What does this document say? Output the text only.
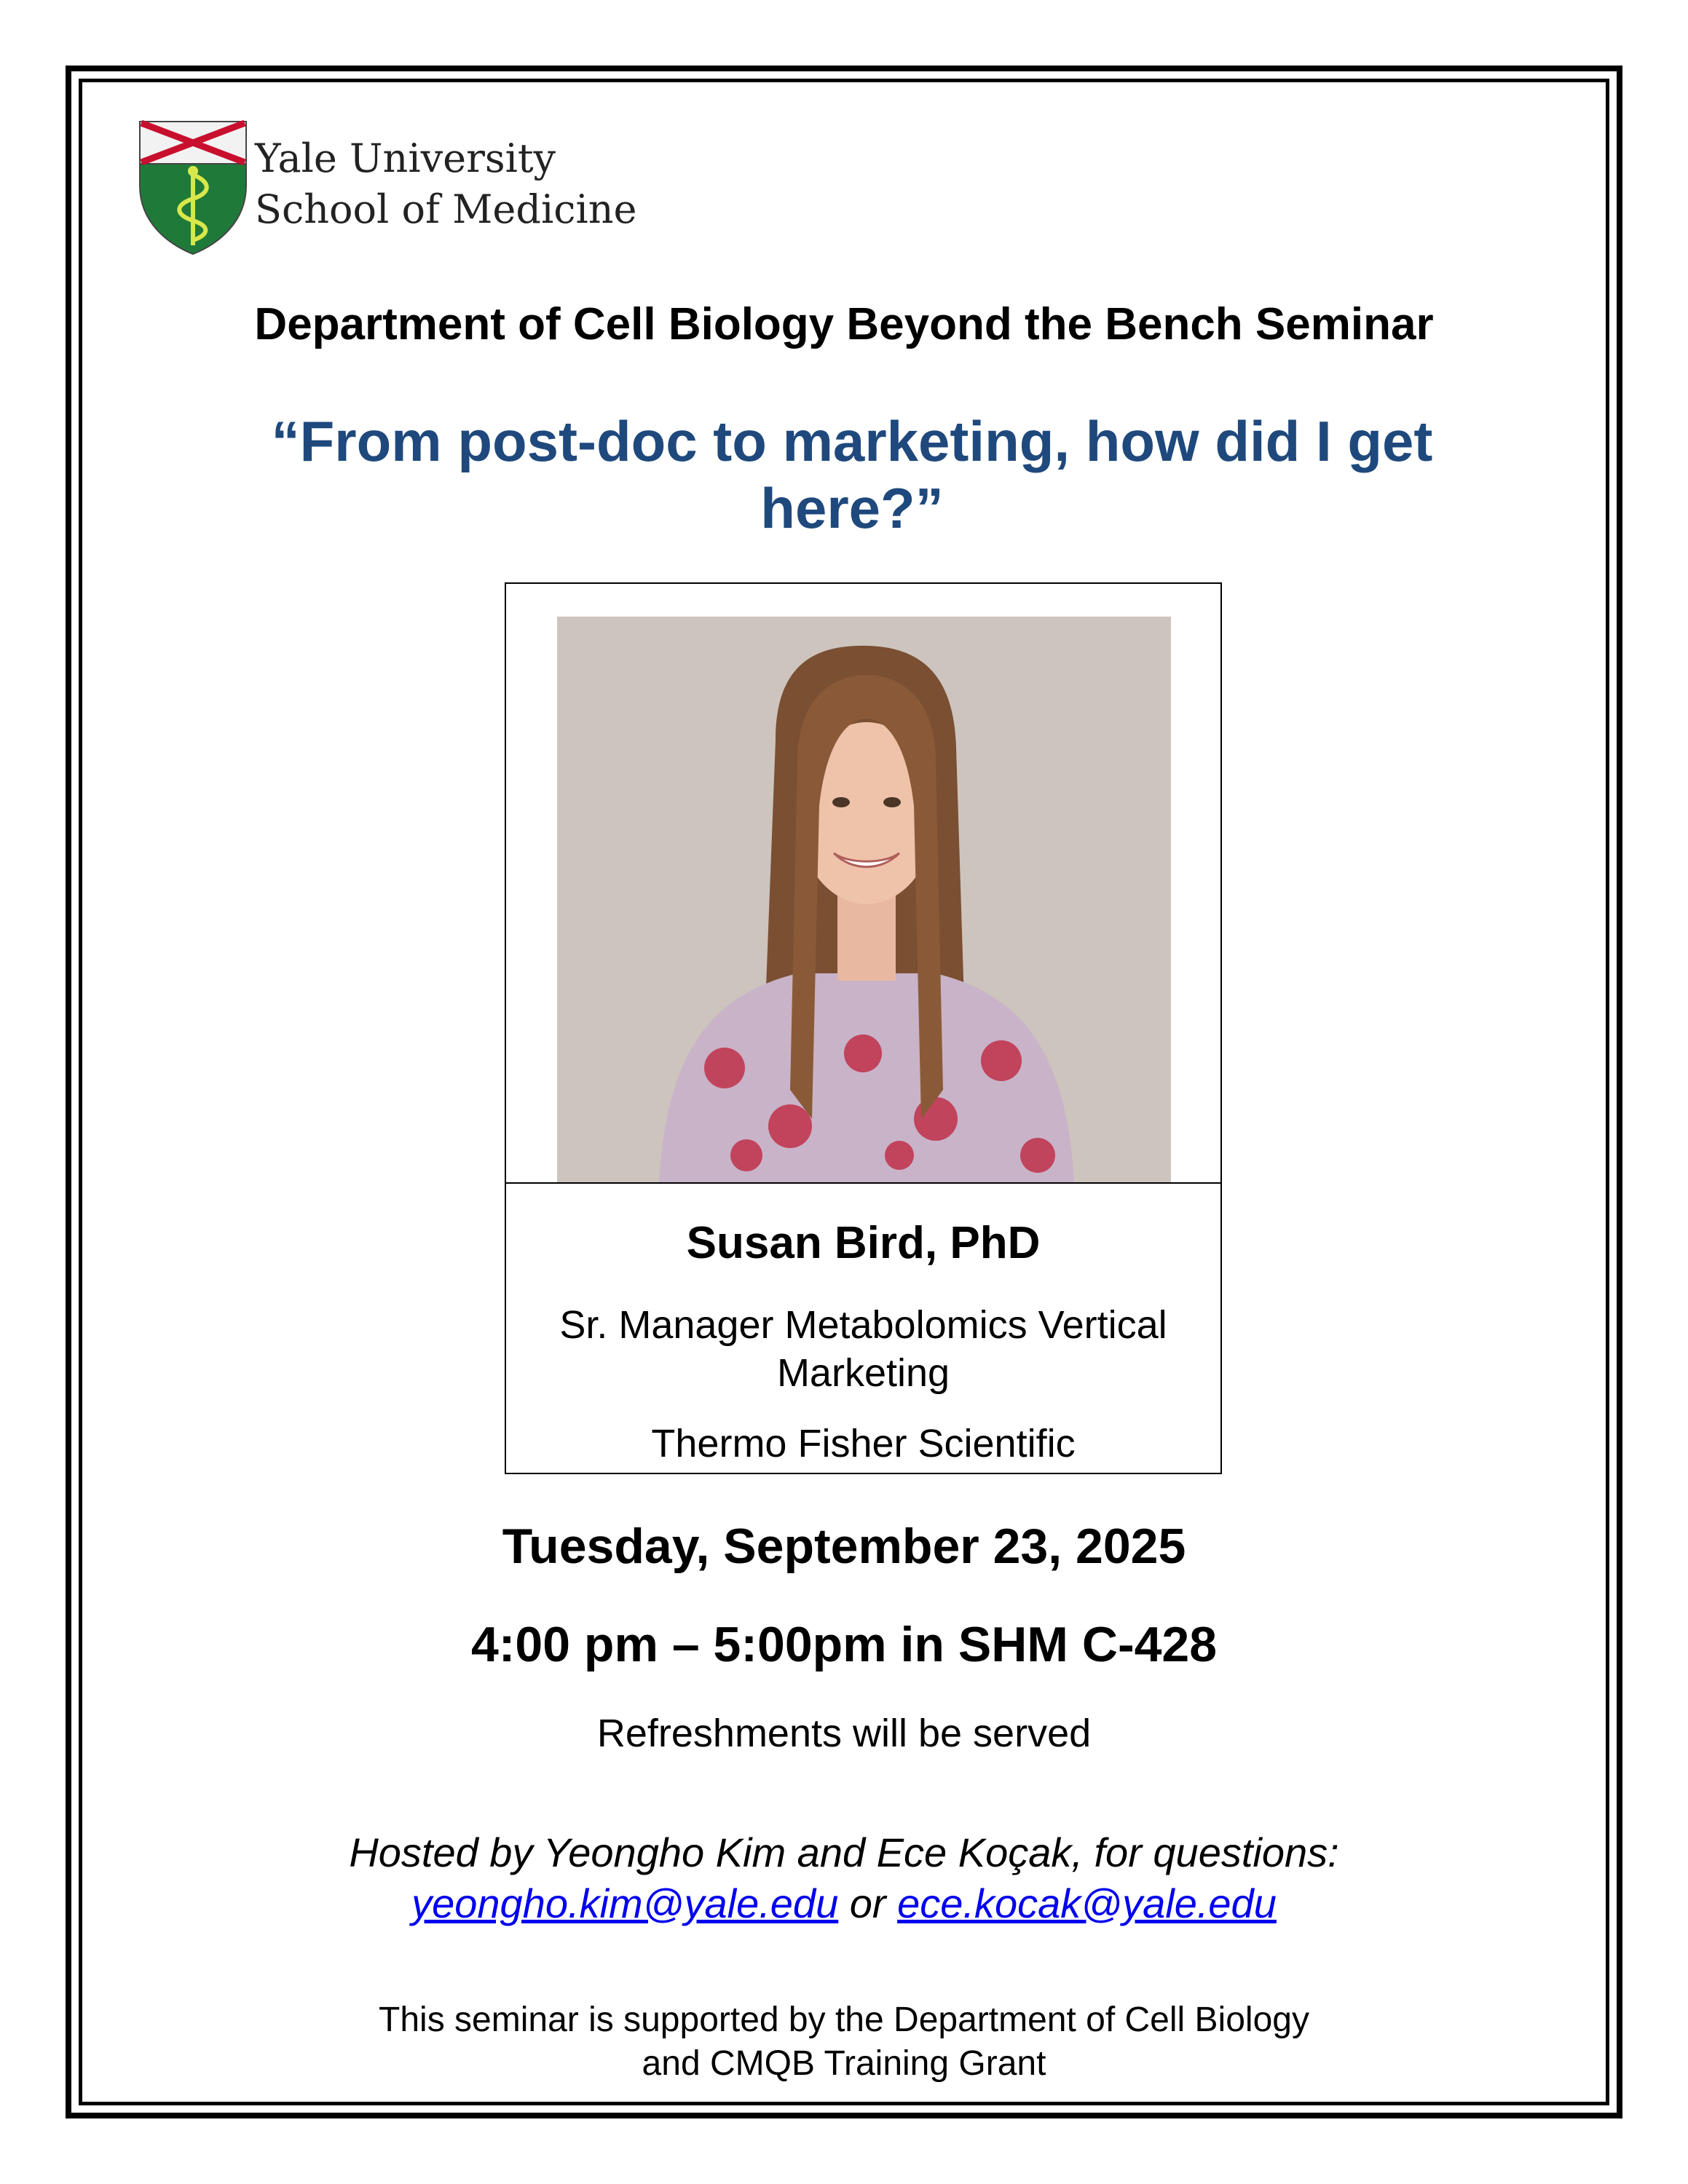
Yale University
School of Medicine
Department of Cell Biology Beyond the Bench Seminar
“From post-doc to marketing, how did I get here?”
Susan Bird, PhD
Sr. Manager Metabolomics Vertical Marketing
Thermo Fisher Scientific
Tuesday, September 23, 2025
4:00 pm – 5:00pm in SHM C-428
Refreshments will be served
Hosted by Yeongho Kim and Ece Koçak, for questions:
yeongho.kim@yale.edu or ece.kocak@yale.edu
This seminar is supported by the Department of Cell Biology
and CMQB Training Grant
